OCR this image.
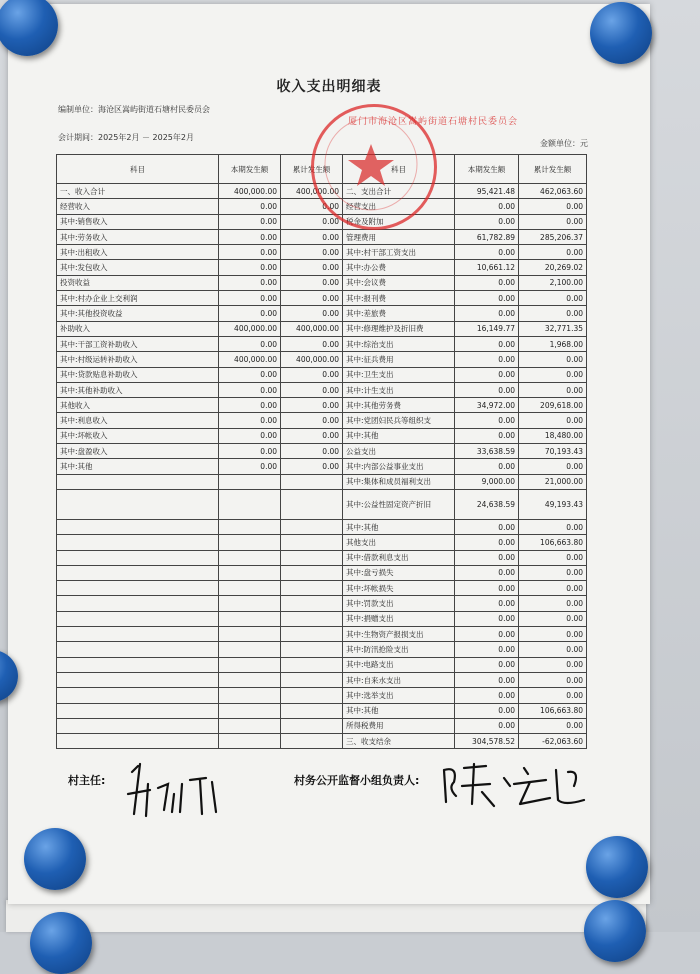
收入支出明细表
编制单位：海沧区嵩屿街道石塘村民委员会
会计期间：2025年2月 － 2025年2月
金额单位：元
科目	本期发生额	累计发生额	科目	本期发生额	累计发生额
一、收入合计	400,000.00	400,000.00	二、支出合计	95,421.48	462,063.60
经营收入	0.00	0.00	经营支出	0.00	0.00
其中:销售收入	0.00	0.00	税金及附加	0.00	0.00
其中:劳务收入	0.00	0.00	管理费用	61,782.89	285,206.37
其中:出租收入	0.00	0.00	其中:村干部工资支出	0.00	0.00
其中:发包收入	0.00	0.00	其中:办公费	10,661.12	20,269.02
投资收益	0.00	0.00	其中:会议费	0.00	2,100.00
其中:村办企业上交利润	0.00	0.00	其中:报刊费	0.00	0.00
其中:其他投资收益	0.00	0.00	其中:差旅费	0.00	0.00
补助收入	400,000.00	400,000.00	其中:修理维护及折旧费	16,149.77	32,771.35
其中:干部工资补助收入	0.00	0.00	其中:综治支出	0.00	1,968.00
其中:村级运转补助收入	400,000.00	400,000.00	其中:征兵费用	0.00	0.00
其中:贷款贴息补助收入	0.00	0.00	其中:卫生支出	0.00	0.00
其中:其他补助收入	0.00	0.00	其中:计生支出	0.00	0.00
其他收入	0.00	0.00	其中:其他劳务费	34,972.00	209,618.00
其中:利息收入	0.00	0.00	其中:党团妇民兵等组织支	0.00	0.00
其中:坏帐收入	0.00	0.00	其中:其他	0.00	18,480.00
其中:盘盈收入	0.00	0.00	公益支出	33,638.59	70,193.43
其中:其他	0.00	0.00	其中:内部公益事业支出	0.00	0.00
			其中:集体和成员福利支出	9,000.00	21,000.00
			其中:公益性固定资产折旧	24,638.59	49,193.43
			其中:其他	0.00	0.00
			其他支出	0.00	106,663.80
			其中:借款利息支出	0.00	0.00
			其中:盘亏损失	0.00	0.00
			其中:坏帐损失	0.00	0.00
			其中:罚款支出	0.00	0.00
			其中:捐赠支出	0.00	0.00
			其中:生物资产报损支出	0.00	0.00
			其中:防汛抢险支出	0.00	0.00
			其中:电路支出	0.00	0.00
			其中:自来水支出	0.00	0.00
			其中:选举支出	0.00	0.00
			其中:其他	0.00	106,663.80
			所得税费用	0.00	0.00
			三、收支结余	304,578.52	-62,063.60
厦门市海沧区嵩屿街道石塘村民委员会
村主任:	村务公开监督小组负责人:
